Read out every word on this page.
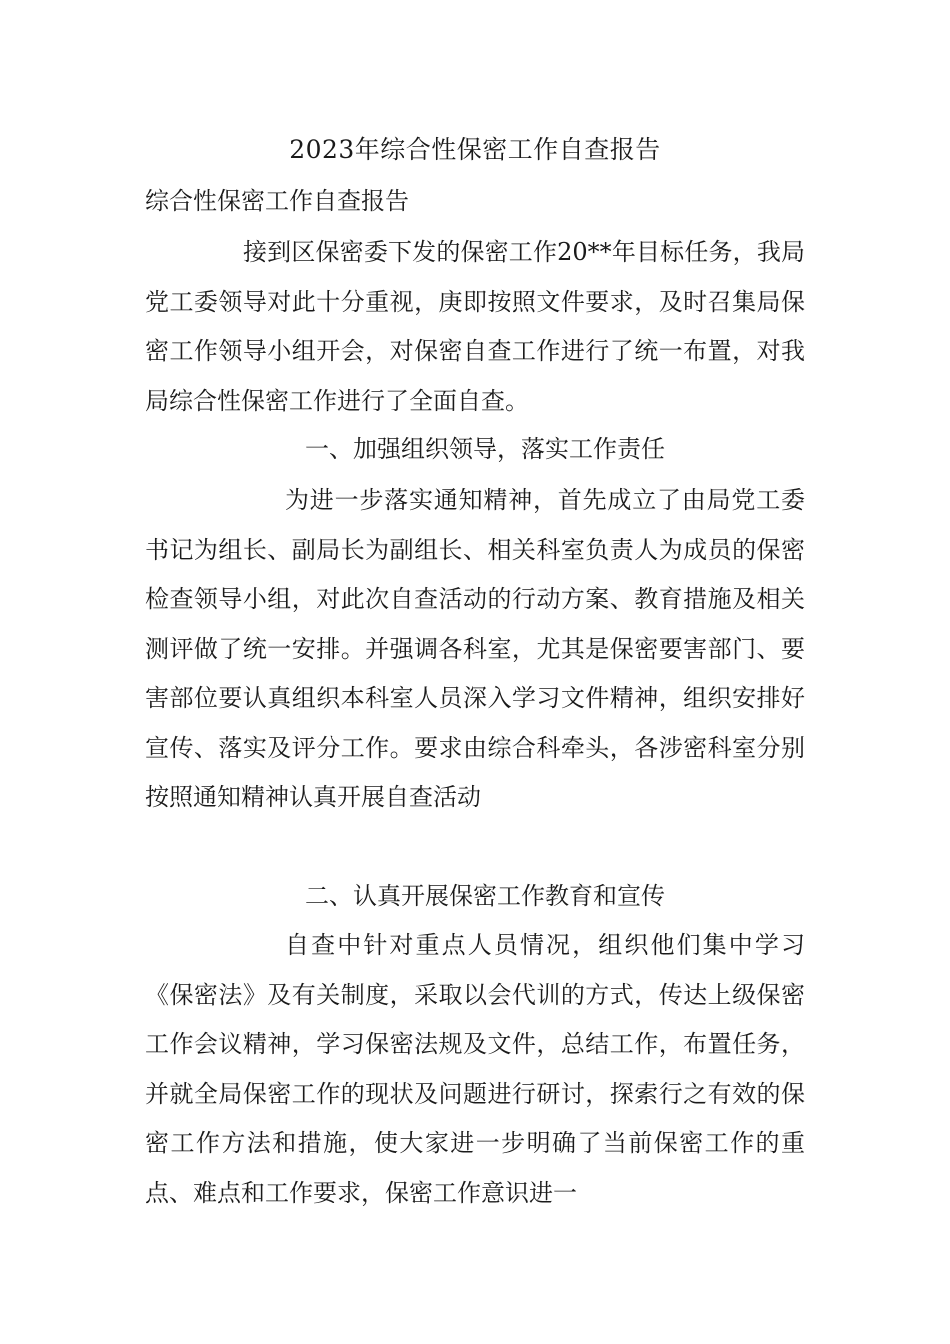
2023年综合性保密工作自查报告
综合性保密工作自查报告
接到区保密委下发的保密工作20**年目标任务，我局党工委领导对此十分重视，庚即按照文件要求，及时召集局保密工作领导小组开会，对保密自查工作进行了统一布置，对我局综合性保密工作进行了全面自查。
一、加强组织领导，落实工作责任
为进一步落实通知精神，首先成立了由局党工委书记为组长、副局长为副组长、相关科室负责人为成员的保密检查领导小组，对此次自查活动的行动方案、教育措施及相关测评做了统一安排。并强调各科室，尤其是保密要害部门、要害部位要认真组织本科室人员深入学习文件精神，组织安排好宣传、落实及评分工作。要求由综合科牵头，各涉密科室分别按照通知精神认真开展自查活动
二、认真开展保密工作教育和宣传
自查中针对重点人员情况，组织他们集中学习《保密法》及有关制度，采取以会代训的方式，传达上级保密工作会议精神，学习保密法规及文件，总结工作，布置任务，并就全局保密工作的现状及问题进行研讨，探索行之有效的保密工作方法和措施，使大家进一步明确了当前保密工作的重点、难点和工作要求，保密工作意识进一
